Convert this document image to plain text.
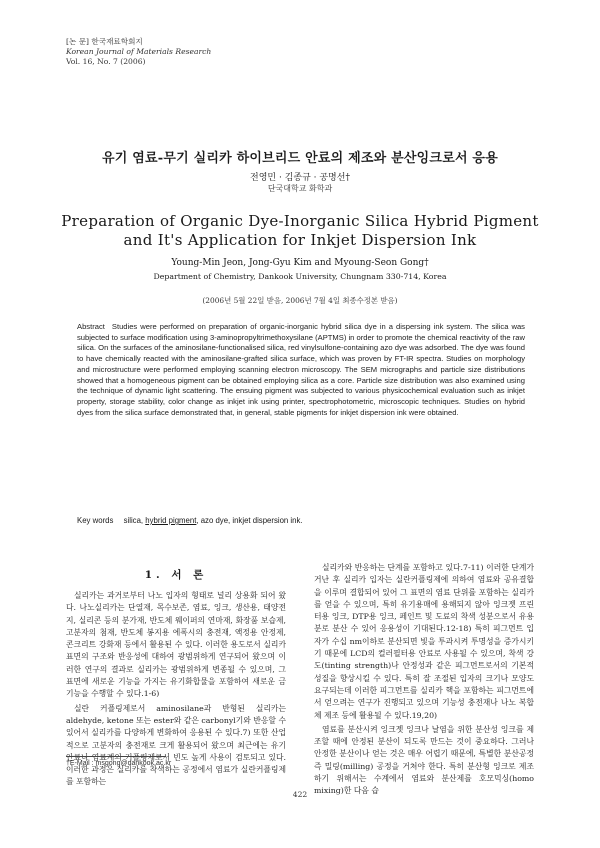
[논 문] 한국재료학회지
Korean Journal of Materials Research
Vol. 16, No. 7 (2006)
유기 염료-무기 실리카 하이브리드 안료의 제조와 분산잉크로서 응용
전영민 · 김종규 · 공명선†
단국대학교 화학과
Preparation of Organic Dye-Inorganic Silica Hybrid Pigment
and It's Application for Inkjet Dispersion Ink
Young-Min Jeon, Jong-Gyu Kim and Myoung-Seon Gong†
Department of Chemistry, Dankook University, Chungnam 330-714, Korea
(2006년 5월 22일 받음, 2006년 7월 4일 최종수정본 받음)
Abstract Studies were performed on preparation of organic-inorganic hybrid silica dye in a dispersing ink system. The silica was subjected to surface modification using 3-aminopropyltrimethoxysilane (APTMS) in order to promote the chemical reactivity of the raw silica. On the surfaces of the aminosilane-functionalised silica, red vinylsulfone-containing azo dye was adsorbed. The dye was found to have chemically reacted with the aminosilane-grafted silica surface, which was proven by FT-IR spectra. Studies on morphology and microstructure were performed employing scanning electron microscopy. The SEM micrographs and particle size distributions showed that a homogeneous pigment can be obtained employing silica as a core. Particle size distribution was also examined using the technique of dynamic light scattering. The ensuing pigment was subjected to various physicochemical evaluation such as inkjet property, storage stability, color change as inkjet ink using printer, spectrophotometric, microscopic techniques. Studies on hybrid dyes from the silica surface demonstrated that, in general, stable pigments for inkjet dispersion ink were obtained.
Key words silica, hybrid pigment, azo dye, inkjet dispersion ink.
1. 서 론

실리카는 과거로부터 나노 입자의 형태로 널리 상용화 되어 왔다. 나노실리카는 단열재, 목수보존, 염료, 잉크, 생산용, 태양전지, 실리콘 등의 분가재, 반도체 웨이퍼의 연마재, 화장품 보습제, 고분자의 첨재, 반도체 봉지용 에폭시의 충전재, 액정용 안정제, 콘크리트 강화재 등에서 활용된 수 있다. 이러한 용도로서 실리카 표면의 구조와 반응성에 대하여 광범위하게 연구되어 왔으며 이러한 연구의 결과로 실리카는 광범위하게 변종될 수 있으며, 그 표면에 새로운 기능을 가지는 유기화합물을 포함하여 새로운 금 기능을 수행할 수 있다.1-6)

실란 커플링제로서 aminosilane과 반형된 실리카는 aldehyde, ketone 또는 ester와 같은 carbonyl기와 반응할 수 있어서 실리카를 다양하게 변화하여 응용된 수 있다.7) 또한 산업적으로 고분자의 충전재로 크게 활용되어 왔으며 최근에는 유기 안료나 염료계의 커플링제로서 빈도 높게 사용이 검토되고 있다. 이러한 과정은 실리카를 착색하는 공정에서 염료가 실란커플링제를 포함하는

실리카와 반응하는 단계를 포함하고 있다.7-11) 이러한 단계가 거난 후 실리카 입자는 실란커플링제에 의하여 염료와 공유결합을 이루며 결합되어 있어 그 표면의 염료 단위를 포함하는 실리카를 얻을 수 있으며, 특히 유기용매에 용해되지 않아 잉크젯 프린터용 잉크, DTP용 잉크, 페인트 및 도료의 착색 성분으로서 유용 분로 분산 수 있어 응용성이 기대된다.12-18) 특히 피그먼트 입자가 수십 nm이하로 분산되면 빛을 투과시켜 투명성을 증가시키기 때문에 LCD의 컬러필터용 안료로 사용될 수 있으며, 착색 강도(tinting strength)나 안정성과 같은 피그먼트로서의 기본적 성질을 향상시킬 수 있다. 특히 잘 조절된 입자의 크기나 모양도 요구되는데 이러한 피그먼트를 실리카 핵을 포함하는 피그먼트에서 얻으려는 연구가 진행되고 있으며 기능성 충전재나 나노 복합체 제조 등에 활용될 수 있다.19,20)

염료를 분산시켜 잉크젯 잉크나 날염을 위한 분산성 잉크를 제조할 때에 안정된 분산이 되도록 만드는 것이 중요하다. 그러나 안정한 분산이나 얻는 것은 매우 어렵기 때문에, 특별한 분산공정 즉 밀링(milling) 공정을 거쳐야 한다. 특히 분산형 잉크로 제조하기 위해서는 수계에서 염료와 분산제를 호모믹싱(homo mixing)한 다음 습

†E-Mail : msgong@dankook.ac.kr
422
